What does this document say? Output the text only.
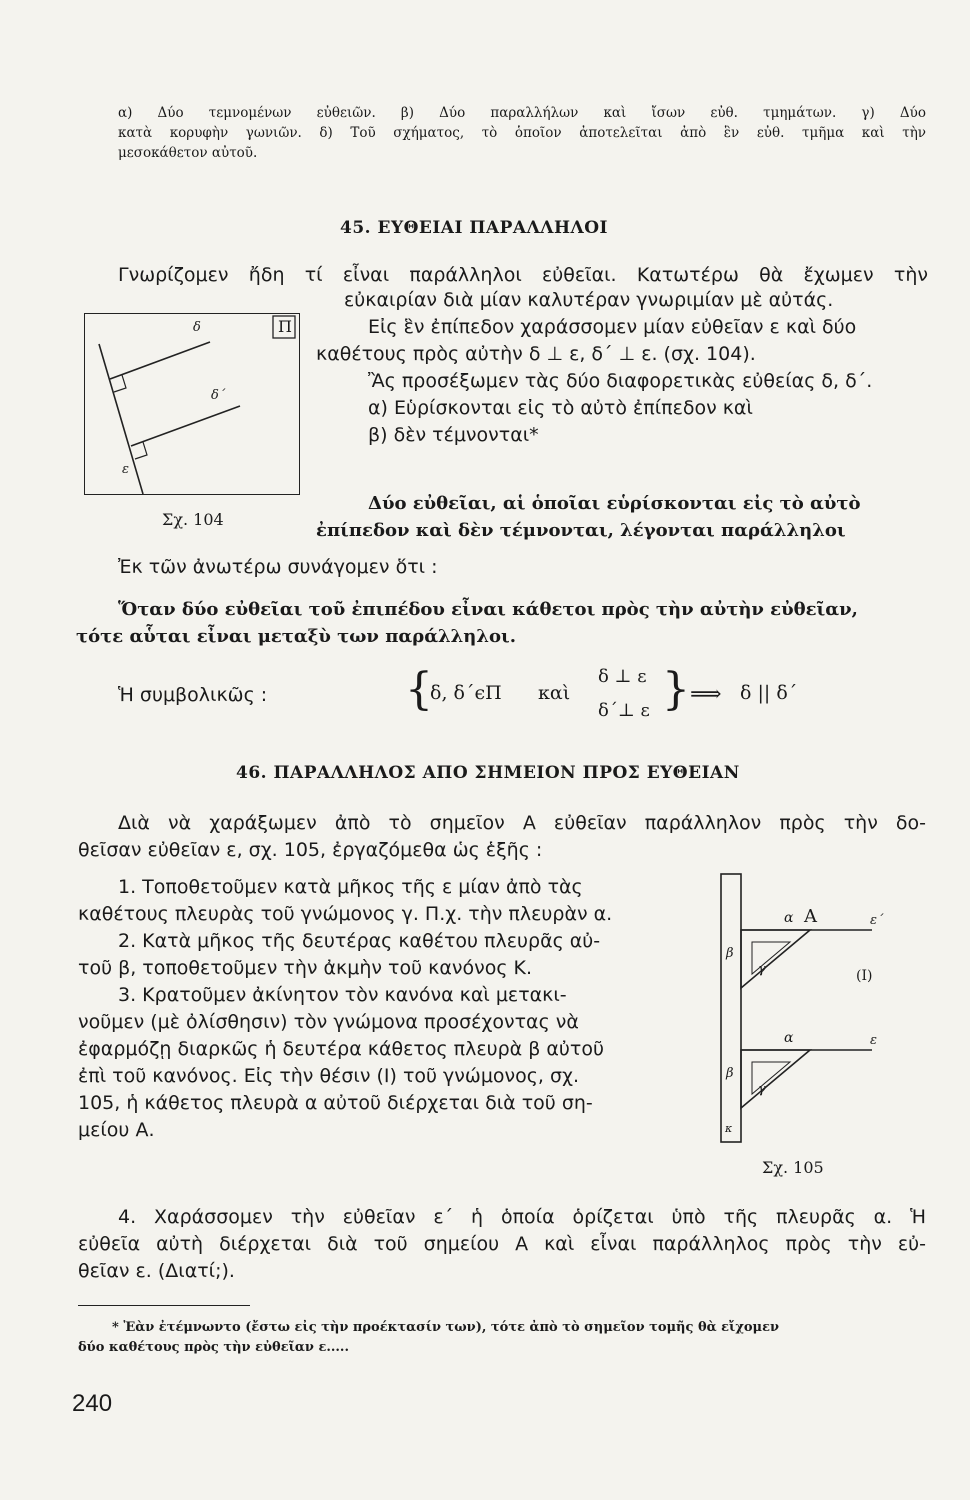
α) Δύο τεμνομένων εὐθειῶν. β) Δύο παραλλήλων καὶ ἴσων εὐθ. τμημάτων. γ) Δύο
κατὰ κορυφὴν γωνιῶν. δ) Τοῦ σχήματος, τὸ ὁποῖον ἀποτελεῖται ἀπὸ ἓν εὐθ. τμῆμα καὶ τὴν
μεσοκάθετον αὐτοῦ.
45. ΕΥΘΕΙΑΙ ΠΑΡΑΛΛΗΛΟΙ
Γνωρίζομεν ἤδη τί εἶναι παράλληλοι εὐθεῖαι. Κατωτέρω θὰ ἔχωμεν τὴν
Π
δ
δ΄
ε
Σχ. 104
εὐκαιρίαν διὰ μίαν καλυτέραν γνωριμίαν μὲ αὐτάς.
Εἰς ἓν ἐπίπεδον χαράσσομεν μίαν εὐθεῖαν ε καὶ δύο
καθέτους πρὸς αὐτὴν δ ⊥ ε, δ΄ ⊥ ε. (σχ. 104).
Ἂς προσέξωμεν τὰς δύο διαφορετικὰς εὐθείας δ, δ΄.
α) Εὑρίσκονται εἰς τὸ αὐτὸ ἐπίπεδον καὶ
β) δὲν τέμνονται*
Δύο εὐθεῖαι, αἱ ὁποῖαι εὑρίσκονται εἰς τὸ αὐτὸ
ἐπίπεδον καὶ δὲν τέμνονται, λέγονται παράλληλοι
Ἐκ τῶν ἀνωτέρω συνάγομεν ὅτι :
Ὅταν δύο εὐθεῖαι τοῦ ἐπιπέδου εἶναι κάθετοι πρὸς τὴν αὐτὴν εὐθεῖαν,
τότε αὗται εἶναι μεταξὺ των παράλληλοι.
Ἡ συμβολικῶς :	{
δ, δ΄ϵΠ καὶ
δ ⊥ ε
δ΄⊥ ε } ⟹ δ || δ΄
46. ΠΑΡΑΛΛΗΛΟΣ ΑΠΟ ΣΗΜΕΙΟΝ ΠΡΟΣ ΕΥΘΕΙΑΝ
Διὰ νὰ χαράξωμεν ἀπὸ τὸ σημεῖον Α εὐθεῖαν παράλληλον πρὸς τὴν δο-
θεῖσαν εὐθεῖαν ε, σχ. 105, ἐργαζόμεθα ὡς ἑξῆς :
1. Τοποθετοῦμεν κατὰ μῆκος τῆς ε μίαν ἀπὸ τὰς
καθέτους πλευρὰς τοῦ γνώμονος γ. Π.χ. τὴν πλευρὰν α.
2. Κατὰ μῆκος τῆς δευτέρας καθέτου πλευρᾶς αὐ-
τοῦ β, τοποθετοῦμεν τὴν ἀκμὴν τοῦ κανόνος Κ.
3. Κρατοῦμεν ἀκίνητον τὸν κανόνα καὶ μετακι-
νοῦμεν (μὲ ὀλίσθησιν) τὸν γνώμονα προσέχοντας νὰ
ἐφαρμόζῃ διαρκῶς ἡ δευτέρα κάθετος πλευρὰ β αὐτοῦ
ἐπὶ τοῦ κανόνος. Εἰς τὴν θέσιν (Ι) τοῦ γνώμονος, σχ.
105, ἡ κάθετος πλευρὰ α αὐτοῦ διέρχεται διὰ τοῦ ση-
μείου Α.
α Α	ε΄
β
γ	(Ι)
α	ε
β
γ
κ
Σχ. 105
4. Χαράσσομεν τὴν εὐθεῖαν ε΄ ἡ ὁποία ὁρίζεται ὑπὸ τῆς πλευρᾶς α. Ἡ
εὐθεῖα αὐτὴ διέρχεται διὰ τοῦ σημείου Α καὶ εἶναι παράλληλος πρὸς τὴν εὐ-
θεῖαν ε. (Διατί;).
* Ἐὰν ἐτέμνωντο (ἔστω εἰς τὴν προέκτασίν των), τότε ἀπὸ τὸ σημεῖον τομῆς θὰ εἴχομεν
δύο καθέτους πρὸς τὴν εὐθεῖαν ε.....
240
